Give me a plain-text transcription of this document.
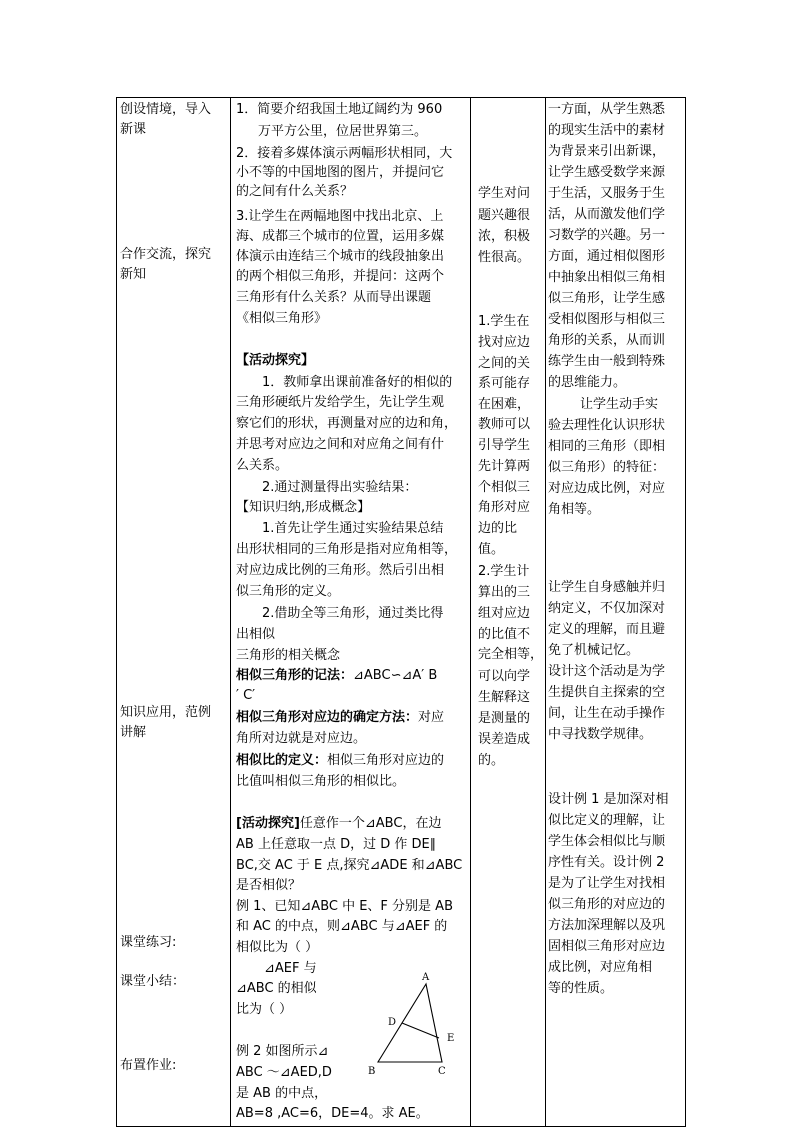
创设情境，导入
新课
合作交流，探究
新知
知识应用，范例
讲解
课堂练习:
课堂小结：
布置作业:
1．简要介绍我国土地辽阔约为 960
万平方公里，位居世界第三。
2．接着多媒体演示两幅形状相同，大
小不等的中国地图的图片，并提问它
的之间有什么关系？
3.让学生在两幅地图中找出北京、上
海、成都三个城市的位置，运用多媒
体演示由连结三个城市的线段抽象出
的两个相似三角形，并提问：这两个
三角形有什么关系？从而导出课题
《相似三角形》
【活动探究】
1．教师拿出课前准备好的相似的
三角形硬纸片发给学生，先让学生观
察它们的形状，再测量对应的边和角，
并思考对应边之间和对应角之间有什
么关系。
2.通过测量得出实验结果：
【知识归纳,形成概念】
1.首先让学生通过实验结果总结
出形状相同的三角形是指对应角相等，
对应边成比例的三角形。然后引出相
似三角形的定义。
2.借助全等三角形，通过类比得
出相似
三角形的相关概念
相似三角形的记法：⊿ABC∽⊿A′ B
′ C′
相似三角形对应边的确定方法：对应
角所对边就是对应边。
相似比的定义：相似三角形对应边的
比值叫相似三角形的相似比。
[活动探究]任意作一个⊿ABC，在边
AB 上任意取一点 D，过 D 作 DE∥
BC,交 AC 于 E 点,探究⊿ADE 和⊿ABC
是否相似？
例 1、已知⊿ABC 中 E、F 分别是 AB
和 AC 的中点，则⊿ABC 与⊿AEF 的
相似比为（ ）
⊿AEF 与
⊿ABC 的相似
比为（ ）
例 2 如图所示⊿
ABC ～⊿AED,D
是 AB 的中点，
AB=8 ,AC=6，DE=4。求 AE。
A
B	C
D
E
学生对问
题兴趣很
浓，积极
性很高。
1.学生在
找对应边
之间的关
系可能存
在困难，
教师可以
引导学生
先计算两
个相似三
角形对应
边的比
值。
2.学生计
算出的三
组对应边
的比值不
完全相等，
可以向学
生解释这
是测量的
误差造成
的。
一方面，从学生熟悉
的现实生活中的素材
为背景来引出新课，
让学生感受数学来源
于生活，又服务于生
活，从而激发他们学
习数学的兴趣。另一
方面，通过相似图形
中抽象出相似三角相
似三角形，让学生感
受相似图形与相似三
角形的关系，从而训
练学生由一般到特殊
的思维能力。
让学生动手实
验去理性化认识形状
相同的三角形（即相
似三角形）的特征：
对应边成比例，对应
角相等。
让学生自身感触并归
纳定义，不仅加深对
定义的理解，而且避
免了机械记忆。
设计这个活动是为学
生提供自主探索的空
间，让生在动手操作
中寻找数学规律。
设计例 1 是加深对相
似比定义的理解，让
学生体会相似比与顺
序性有关。设计例 2
是为了让学生对找相
似三角形的对应边的
方法加深理解以及巩
固相似三角形对应边
成比例，对应角相
等的性质。
